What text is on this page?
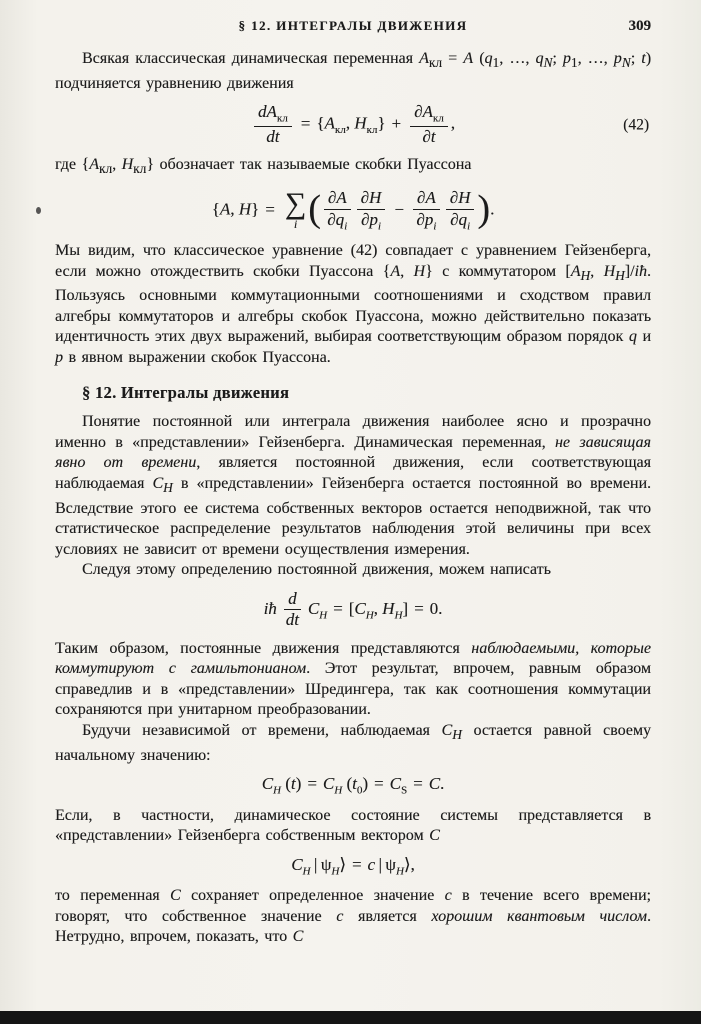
§ 12. ИНТЕГРАЛЫ ДВИЖЕНИЯ	309

Всякая классическая динамическая переменная $A_{кл} = A$ ($q_1$, …, $q_N$; $p_1$, …, $p_N$; t) подчиняется уравнению движения

$\frac{dA_{кл}}{dt} = \{A_{кл}$, $H_{кл}\} + \frac{\partial A_{кл}}{\partial t}$ ,	(42)

где {$A_{кл}$, $H_{кл}$} обозначает так называемые скобки Пуассона

{A, H} = ∑
i ( $\frac{\partial A}{\partial q_i} \frac{\partial H}{\partial p_i} - \frac{\partial A}{\partial p_i} \frac{\partial H}{\partial q_i}$ ).

Мы видим, что классическое уравнение (42) совпадает с уравнением Гейзенберга, если можно отождествить скобки Пуассона {A, H} с коммутатором [$A_H$, $H_H]/iħ$. Пользуясь основными коммутационными соотношениями и сходством правил алгебры коммутаторов и алгебры скобок Пуассона, можно действительно показать идентичность этих двух выражений, выбирая соответствующим образом порядок q и p в явном выражении скобок Пуассона.

§ 12. Интегралы движения

Понятие постоянной или интеграла движения наиболее ясно и прозрачно именно в «представлении» Гейзенберга. Динамическая переменная, не зависящая явно от времени, является постоянной движения, если соответствующая наблюдаемая $C_H$ в «представлении» Гейзенберга остается постоянной во времени. Вследствие этого ее система собственных векторов остается неподвижной, так что статистическое распределение результатов наблюдения этой величины при всех условиях не зависит от времени осуществления измерения.

Следуя этому определению постоянной движения, можем написать

iħ $\frac{d}{dt} C_H = [C_H$, $H_H] = 0$.

Таким образом, постоянные движения представляются наблюдаемыми, которые коммутируют с гамильтонианом. Этот результат, впрочем, равным образом справедлив и в «представлении» Шредингера, так как соотношения коммутации сохраняются при унитарном преобразовании.

Будучи независимой от времени, наблюдаемая $C_H$ остается равной своему начальному значению:

$C_H$ $(t) = C_H$ $(t_0) = C_S = C$.

Если, в частности, динамическое состояние системы представляется в «представлении» Гейзенберга собственным вектором C

$C_H$ | $\psi_H⟩ = c$ | $\psi_H⟩$,

то переменная C сохраняет определенное значение c в течение всего времени; говорят, что собственное значение c является хорошим квантовым числом. Нетрудно, впрочем, показать, что C
